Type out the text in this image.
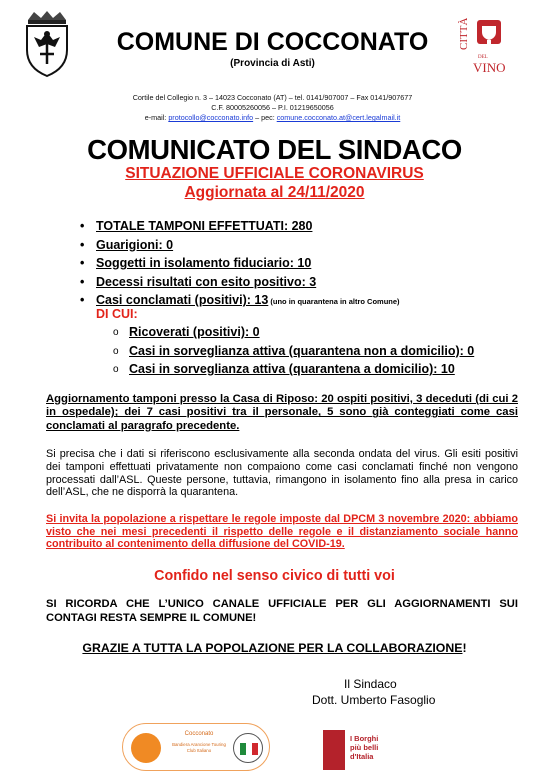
CITTÀ
DEL
VINO
COMUNE DI COCCONATO
(Provincia di Asti)
Cortile del Collegio n. 3 – 14023 Cocconato (AT) – tel. 0141/907007 – Fax 0141/907677
C.F. 80005260056 – P.I. 01219650056
e-mail: protocollo@cocconato.info – pec: comune.cocconato.at@cert.legalmail.it
COMUNICATO DEL SINDACO
SITUAZIONE UFFICIALE CORONAVIRUS
Aggiornata al 24/11/2020
• TOTALE TAMPONI EFFETTUATI: 280
• Guarigioni: 0
• Soggetti in isolamento fiduciario: 10
• Decessi risultati con esito positivo: 3
• Casi conclamati (positivi): 13 (uno in quarantena in altro Comune)
DI CUI:
o Ricoverati (positivi): 0
o Casi in sorveglianza attiva (quarantena non a domicilio): 0
o Casi in sorveglianza attiva (quarantena a domicilio): 10
Aggiornamento tamponi presso la Casa di Riposo: 20 ospiti positivi, 3 deceduti (di cui 2 in ospedale); dei 7 casi positivi tra il personale, 5 sono già conteggiati come casi conclamati al paragrafo precedente.
Si precisa che i dati si riferiscono esclusivamente alla seconda ondata del virus. Gli esiti positivi dei tamponi effettuati privatamente non compaiono come casi conclamati finché non vengono processati dall’ASL. Queste persone, tuttavia, rimangono in isolamento fino alla presa in carico dell’ASL, che ne disporrà la quarantena.
Si invita la popolazione a rispettare le regole imposte dal DPCM 3 novembre 2020: abbiamo visto che nei mesi precedenti il rispetto delle regole e il distanziamento sociale hanno contribuito al contenimento della diffusione del COVID-19.
Confido nel senso civico di tutti voi
SI RICORDA CHE L’UNICO CANALE UFFICIALE PER GLI AGGIORNAMENTI SUI CONTAGI RESTA SEMPRE IL COMUNE!
GRAZIE A TUTTA LA POPOLAZIONE PER LA COLLABORAZIONE!
Il Sindaco
Dott. Umberto Fasoglio
Cocconato
Bandiera Arancione Touring Club Italiano
I Borghi
più belli
d'Italia
